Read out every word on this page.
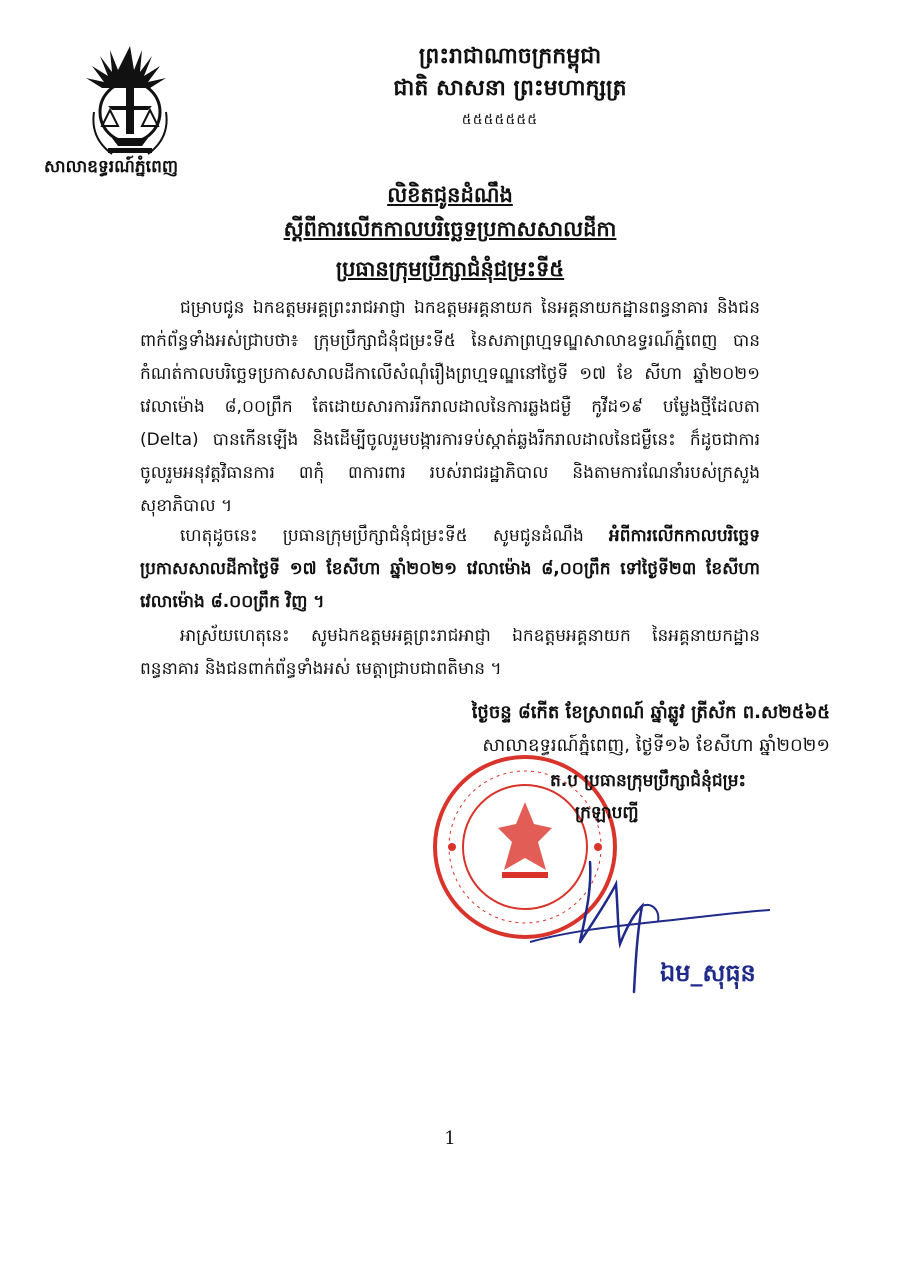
សាលាឧទ្ធរណ៍ភ្នំពេញ
ព្រះរាជាណាចក្រកម្ពុជា
ជាតិ សាសនា ព្រះមហាក្សត្រ
៥៥៥៥៥៥៥
លិខិតជូនដំណឹង
ស្តីពីការលើកកាលបរិច្ឆេទប្រកាសសាលដីកា
ប្រធានក្រុមប្រឹក្សាជំនុំជម្រះទី៥
ជម្រាបជូន ឯកឧត្តមអគ្គព្រះរាជអាជ្ញា ឯកឧត្តមអគ្គនាយក នៃអគ្គនាយកដ្ឋានពន្ធនាគារ និងជនពាក់ព័ន្ធទាំងអស់ជ្រាបថា៖ ក្រុមប្រឹក្សាជំនុំជម្រះទី៥ នៃសភាព្រហ្មទណ្ឌសាលាឧទ្ធរណ៍ភ្នំពេញ បានកំណត់កាលបរិច្ឆេទប្រកាសសាលដីកាលើសំណុំរឿងព្រហ្មទណ្ឌនៅថ្ងៃទី ១៧ ខែ សីហា ឆ្នាំ២០២១ វេលាម៉ោង ៨,០០ព្រឹក តែដោយសារការរីករាលដាលនៃការឆ្លងជម្ងឺ កូវីដ១៩ បម្លែងថ្មីដែលតា (Delta) បានកើនឡើង និងដើម្បីចូលរួមបង្ការការទប់ស្កាត់ឆ្លងរីករាលដាលនៃជម្ងឺនេះ ក៏ដូចជាការចូលរួមអនុវត្តវិធានការ ៣កុំ ៣ការពារ របស់រាជរដ្ឋាភិបាល និងតាមការណែនាំរបស់ក្រសួងសុខាភិបាល ។
ហេតុដូចនេះ ប្រធានក្រុមប្រឹក្សាជំនុំជម្រះទី៥ សូមជូនដំណឹង អំពីការលើកកាលបរិច្ឆេទប្រកាសសាលដីកាថ្ងៃទី ១៧ ខែសីហា ឆ្នាំ២០២១ វេលាម៉ោង ៨,០០ព្រឹក ទៅថ្ងៃទី២៣ ខែសីហា វេលាម៉ោង ៨.០០ព្រឹក វិញ ។
អាស្រ័យហេតុនេះ សូមឯកឧត្តមអគ្គព្រះរាជអាជ្ញា ឯកឧត្តមអគ្គនាយក នៃអគ្គនាយកដ្ឋានពន្ធនាគារ និងជនពាក់ព័ន្ធទាំងអស់ មេត្តាជ្រាបជាពតិមាន ។
ថ្ងៃចន្ទ ៨កើត ខែស្រាពណ៍ ឆ្នាំឆ្លូវ ត្រីស័ក ព.ស២៥៦៥
សាលាឧទ្ធរណ៍ភ្នំពេញ, ថ្ងៃទី១៦ ខែសីហា ឆ្នាំ២០២១
ត.ប ប្រធានក្រុមប្រឹក្សាជំនុំជម្រះ
ក្រឡាបញ្ជី
ឯម_សុធុន
1
